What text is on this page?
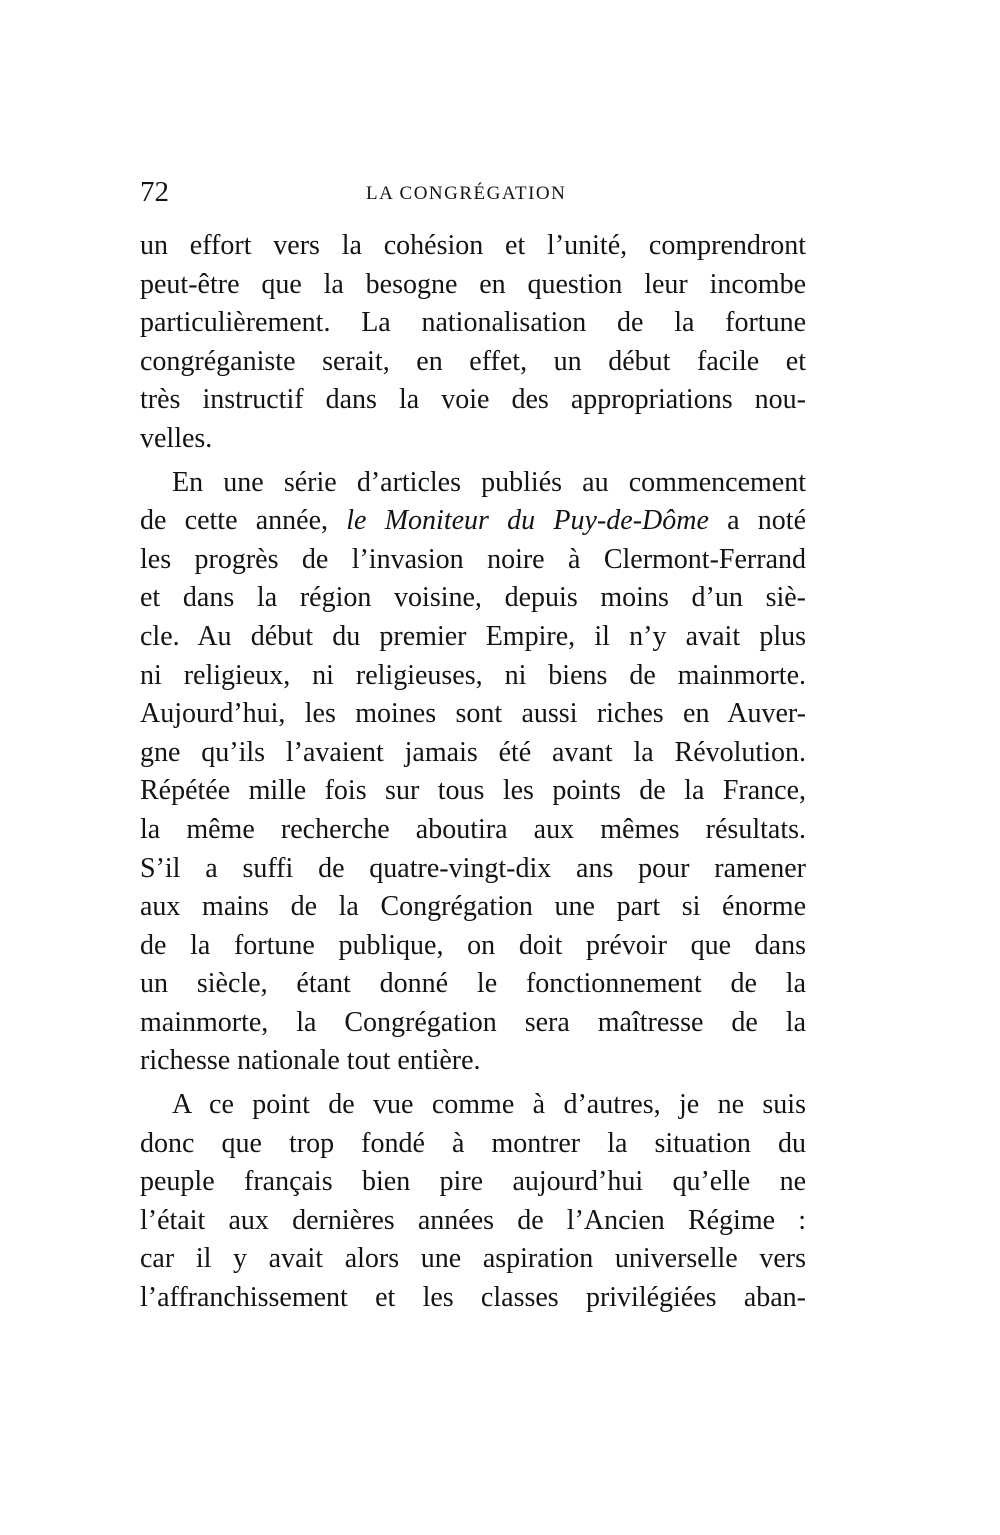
72	LA CONGRÉGATION
un effort vers la cohésion et l’unité, comprendront
peut-être que la besogne en question leur incombe
particulièrement. La nationalisation de la fortune
congréganiste serait, en effet, un début facile et
très instructif dans la voie des appropriations nou-
velles.
En une série d’articles publiés au commencement
de cette année, le Moniteur du Puy-de-Dôme a noté
les progrès de l’invasion noire à Clermont-Ferrand
et dans la région voisine, depuis moins d’un siè-
cle. Au début du premier Empire, il n’y avait plus
ni religieux, ni religieuses, ni biens de mainmorte.
Aujourd’hui, les moines sont aussi riches en Auver-
gne qu’ils l’avaient jamais été avant la Révolution.
Répétée mille fois sur tous les points de la France,
la même recherche aboutira aux mêmes résultats.
S’il a suffi de quatre-vingt-dix ans pour ramener
aux mains de la Congrégation une part si énorme
de la fortune publique, on doit prévoir que dans
un siècle, étant donné le fonctionnement de la
mainmorte, la Congrégation sera maîtresse de la
richesse nationale tout entière.
A ce point de vue comme à d’autres, je ne suis
donc que trop fondé à montrer la situation du
peuple français bien pire aujourd’hui qu’elle ne
l’était aux dernières années de l’Ancien Régime :
car il y avait alors une aspiration universelle vers
l’affranchissement et les classes privilégiées aban-
